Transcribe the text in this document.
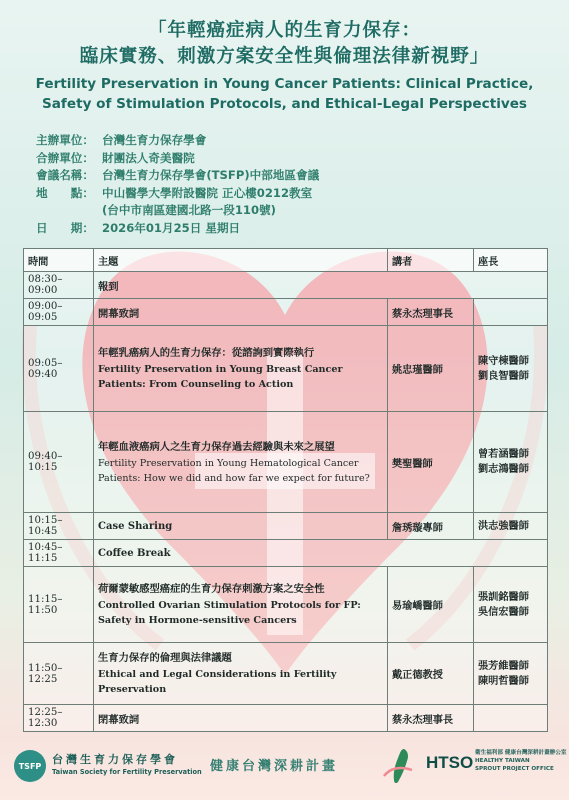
「年輕癌症病人的生育力保存：
臨床實務、刺激方案安全性與倫理法律新視野」
Fertility Preservation in Young Cancer Patients: Clinical Practice,
Safety of Stimulation Protocols, and Ethical-Legal Perspectives
主辦單位： 台灣生育力保存學會
合辦單位： 財團法人奇美醫院
會議名稱： 台灣生育力保存學會(TSFP)中部地區會議
地　　點： 中山醫學大學附設醫院 正心樓0212教室
(台中市南區建國北路一段110號)
日　　期： 2026年01月25日 星期日
時間	主題	講者	座長
08:30–09:00	報到		
09:00–09:05	開幕致詞	蔡永杰理事長	
09:05–09:40	年輕乳癌病人的生育力保存：從諮詢到實際執行
Fertility Preservation in Young Breast Cancer Patients: From Counseling to Action	姚忠瑾醫師	陳守棟醫師
劉良智醫師

09:40–10:15	年輕血液癌病人之生育力保存過去經驗與未來之展望
Fertility Preservation in Young Hematological Cancer Patients: How we did and how far we expect for future?	樊聖醫師	曾若涵醫師
劉志鴻醫師

10:15–10:45	Case Sharing	詹琇璇專師	洪志強醫師

10:45–11:15	Coffee Break		
11:15–11:50	荷爾蒙敏感型癌症的生育力保存刺激方案之安全性
Controlled Ovarian Stimulation Protocols for FP: Safety in Hormone-sensitive Cancers	易瑜嶠醫師	張訓銘醫師
吳信宏醫師

11:50–12:25	生育力保存的倫理與法律議題
Ethical and Legal Considerations in Fertility Preservation	戴正德教授	張芳維醫師
陳明哲醫師

12:25–12:30	閉幕致詞	蔡永杰理事長	
TSFP 台灣生育力保存學會
Taiwan Society for Fertility Preservation 健康台灣深耕計畫	HTSO 衛生福利部 健康台灣深耕計畫辦公室
HEALTHY TAIWAN
SPROUT PROJECT OFFICE
